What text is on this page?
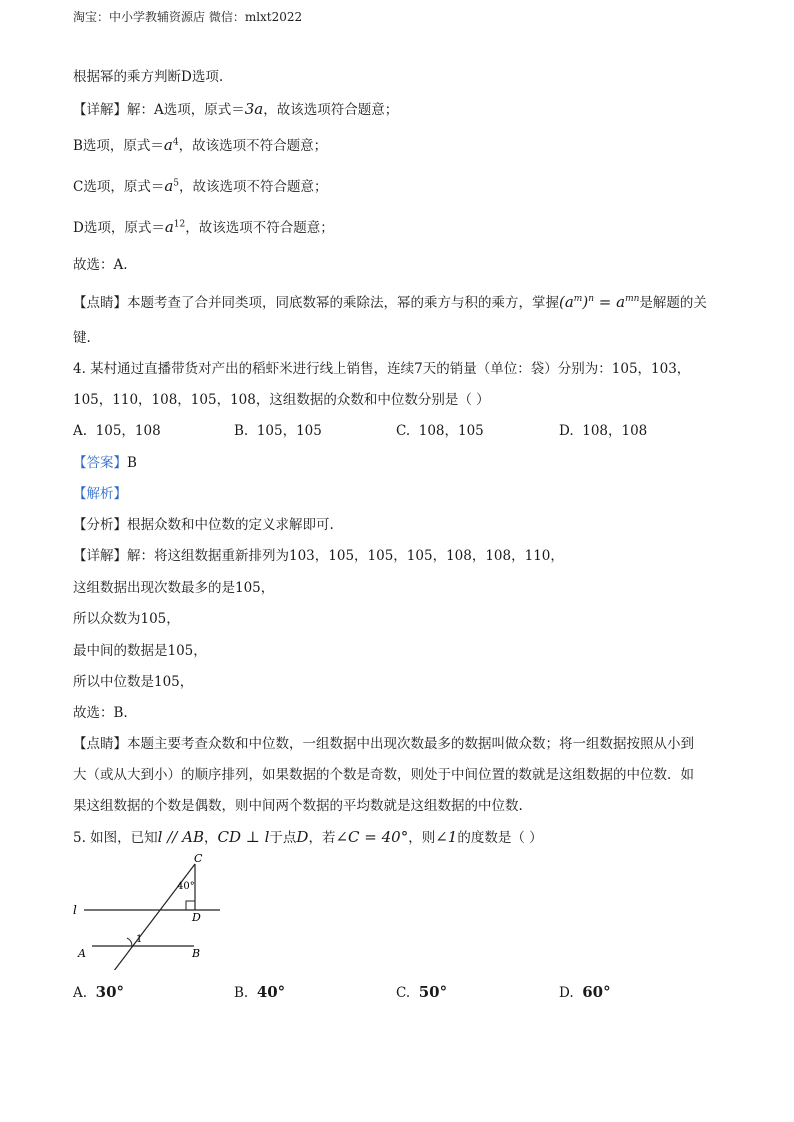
淘宝：中小学教辅资源店 微信：mlxt2022
根据幂的乘方判断D选项.
【详解】解：A选项，原式＝3a，故该选项符合题意；
B选项，原式$=a^4$，故该选项不符合题意；
C选项，原式$=a^5$，故该选项不符合题意；
D选项，原式$=a^{12}$，故该选项不符合题意；
故选：A.
【点睛】本题考查了合并同类项，同底数幂的乘除法，幂的乘方与积的乘方，掌握$(a^m)^n = a^{mn}$是解题的关
键.
4. 某村通过直播带货对产出的稻虾米进行线上销售，连续7天的销量（单位：袋）分别为：105，103，
105，110，108，105，108，这组数据的众数和中位数分别是（ ）
A. 105，108	B. 105，105	C. 108，105	D. 108，108
【答案】B
【解析】
【分析】根据众数和中位数的定义求解即可.
【详解】解：将这组数据重新排列为103，105，105，105，108，108，110，
这组数据出现次数最多的是105，
所以众数为105，
最中间的数据是105，
所以中位数是105，
故选：B.
【点睛】本题主要考查众数和中位数，一组数据中出现次数最多的数据叫做众数；将一组数据按照从小到
大（或从大到小）的顺序排列，如果数据的个数是奇数，则处于中间位置的数就是这组数据的中位数．如
果这组数据的个数是偶数，则中间两个数据的平均数就是这组数据的中位数.
5. 如图，已知l // AB，CD ⊥ l于点D，若∠C = 40°，则∠1的度数是（ ）
C
40°
l
D
1
A	B
A. 30°	B. 40°	C. 50°	D. 60°
